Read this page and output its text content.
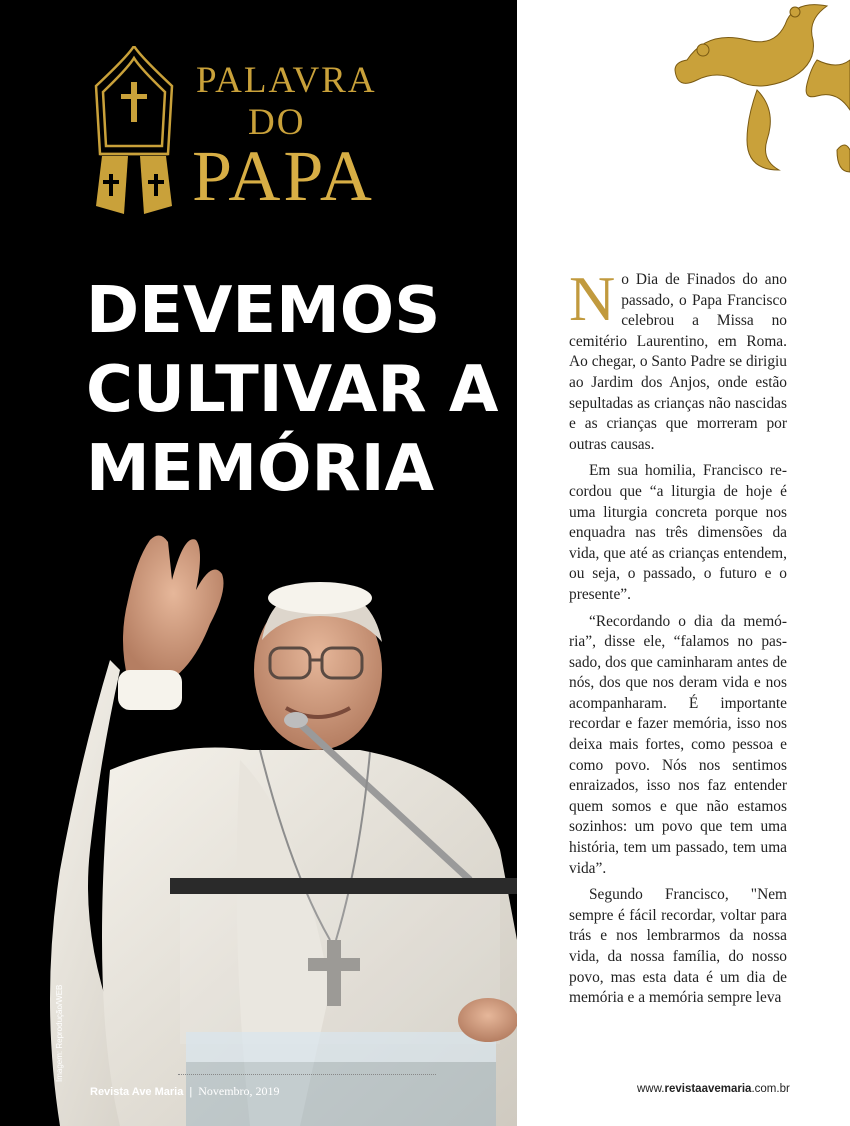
PALAVRA
DO
PAPA
DEVEMOS
CULTIVAR A
MEMÓRIA
Imagem: Reprodução/WEB
Revista Ave Maria | Novembro, 2019

No Dia de Finados do ano passado, o Papa Francisco celebrou a Missa no cemitério Laurentino, em Roma. Ao chegar, o Santo Padre se dirigiu ao Jardim dos Anjos, onde estão sepultadas as crianças não nascidas e as crianças que morreram por outras causas.

Em sua homilia, Francisco recordou que “a liturgia de hoje é uma liturgia concreta porque nos enquadra nas três dimensões da vida, que até as crianças entendem, ou seja, o passado, o futuro e o presente”.

“Recordando o dia da memória”, disse ele, “falamos no passado, dos que caminharam antes de nós, dos que nos deram vida e nos acompanharam. É importante recordar e fazer memória, isso nos deixa mais fortes, como pessoa e como povo. Nós nos sentimos enraizados, isso nos faz entender quem somos e que não estamos sozinhos: um povo que tem uma história, tem um passado, tem uma vida”.

Segundo Francisco, "Nem sempre é fácil recordar, voltar para trás e nos lembrarmos da nossa vida, da nossa família, do nosso povo, mas esta data é um dia de memória e a memória sempre leva

www.revistaavemaria.com.br
